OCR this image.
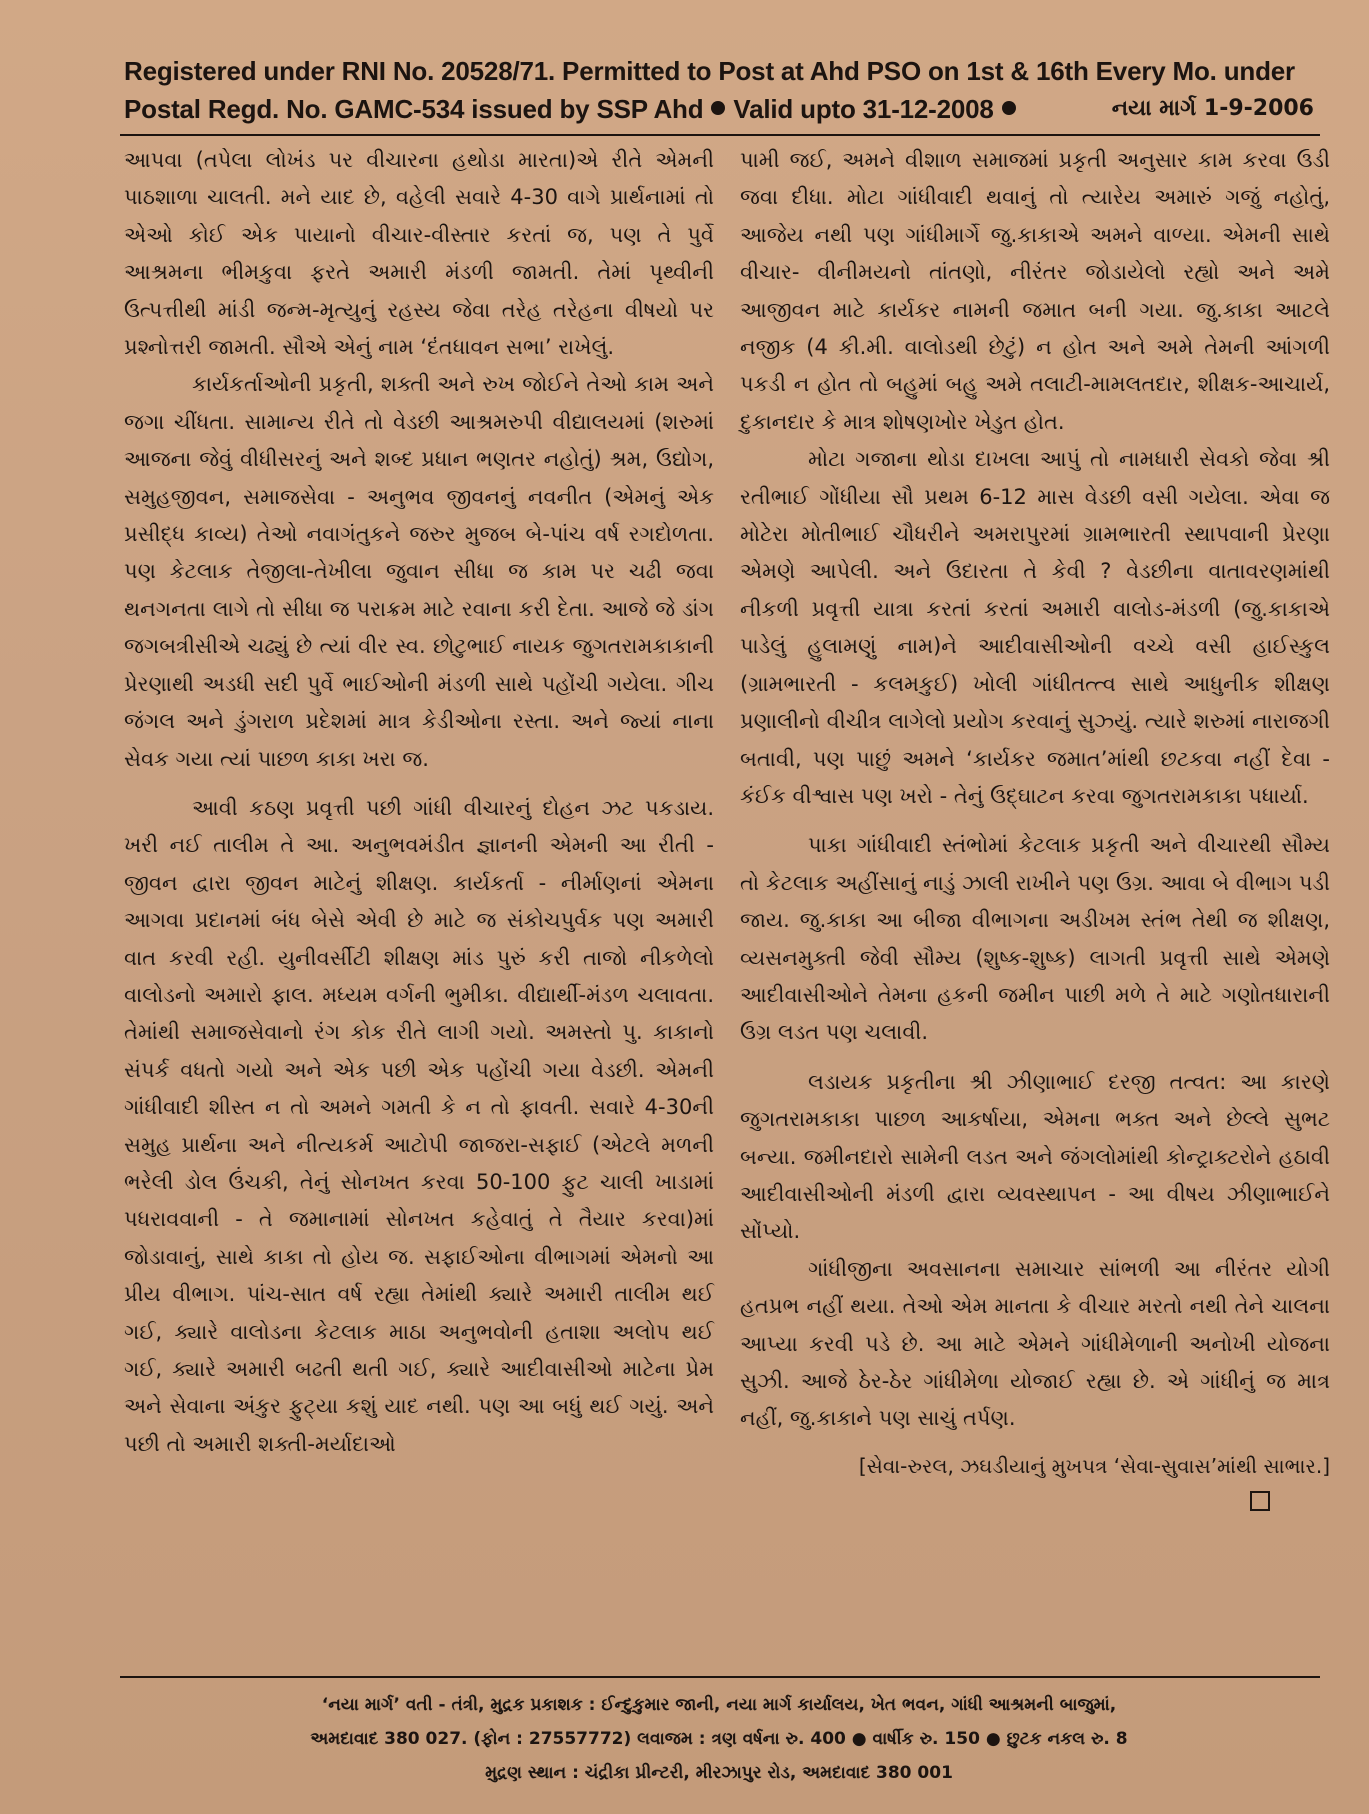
Registered under RNI No. 20528/71. Permitted to Post at Ahd PSO on 1st & 16th Every Mo. under
Postal Regd. No. GAMC-534 issued by SSP Ahd Valid upto 31-12-2008	નયા માર્ગ 1-9-2006

આપવા (તપેલા લોખંડ પર વીચારના હથોડા મારતા)એ રીતે એમની પાઠશાળા ચાલતી. મને યાદ છે, વહેલી સવારે 4-30 વાગે પ્રાર્થનામાં તો એઓ કોઈ એક પાયાનો વીચાર-વીસ્તાર કરતાં જ, પણ તે પુર્વે આશ્રમના ભીમકુવા ફરતે અમારી મંડળી જામતી. તેમાં પૃથ્વીની ઉત્પત્તીથી માંડી જન્મ-મૃત્યુનું રહસ્ય જેવા તરેહ તરેહના વીષયો પર પ્રશ્નોત્તરી જામતી. સૌએ એનું નામ ‘દંતધાવન સભા’ રાખેલું.

કાર્યકર્તાઓની પ્રકૃતી, શક્તી અને રુખ જોઈને તેઓ કામ અને જગા ચીંધતા. સામાન્ય રીતે તો વેડછી આશ્રમરુપી વીદ્યાલયમાં (શરુમાં આજના જેવું વીધીસરનું અને શબ્દ પ્રધાન ભણતર નહોતું) શ્રમ, ઉદ્યોગ, સમુહજીવન, સમાજસેવા - અનુભવ જીવનનું નવનીત (એમનું એક પ્રસીદ્ધ કાવ્ય) તેઓ નવાગંતુકને જરુર મુજબ બે-પાંચ વર્ષ રગદોળતા. પણ કેટલાક તેજીલા-તેખીલા જુવાન સીધા જ કામ પર ચઢી જવા થનગનતા લાગે તો સીધા જ પરાક્રમ માટે રવાના કરી દેતા. આજે જે ડાંગ જગબત્રીસીએ ચઢ્યું છે ત્યાં વીર સ્વ. છોટુભાઈ નાયક જુગતરામકાકાની પ્રેરણાથી અડધી સદી પુર્વે ભાઈઓની મંડળી સાથે પહોંચી ગયેલા. ગીચ જંગલ અને ડુંગરાળ પ્રદેશમાં માત્ર કેડીઓના રસ્તા. અને જ્યાં નાના સેવક ગયા ત્યાં પાછળ કાકા ખરા જ.

આવી કઠણ પ્રવૃત્તી પછી ગાંધી વીચારનું દોહન ઝટ પકડાય. ખરી નઈ તાલીમ તે આ. અનુભવમંડીત જ્ઞાનની એમની આ રીતી - જીવન દ્વારા જીવન માટેનું શીક્ષણ. કાર્યકર્તા - નીર્માણનાં એમના આગવા પ્રદાનમાં બંધ બેસે એવી છે માટે જ સંકોચપુર્વક પણ અમારી વાત કરવી રહી. યુનીવર્સીટી શીક્ષણ માંડ પુરું કરી તાજો નીકળેલો વાલોડનો અમારો ફાલ. મધ્યમ વર્ગની ભુમીકા. વીદ્યાર્થી-મંડળ ચલાવતા. તેમાંથી સમાજસેવાનો રંગ કોક રીતે લાગી ગયો. અમસ્તો પુ. કાકાનો સંપર્ક વધતો ગયો અને એક પછી એક પહોંચી ગયા વેડછી. એમની ગાંધીવાદી શીસ્ત ન તો અમને ગમતી કે ન તો ફાવતી. સવારે 4-30ની સમુહ પ્રાર્થના અને નીત્યકર્મ આટોપી જાજરા-સફાઈ (એટલે મળની ભરેલી ડોલ ઉંચકી, તેનું સોનખત કરવા 50-100 ફુટ ચાલી ખાડામાં પધરાવવાની - તે જમાનામાં સોનખત કહેવાતું તે તૈયાર કરવા)માં જોડાવાનું, સાથે કાકા તો હોય જ. સફાઈઓના વીભાગમાં એમનો આ પ્રીય વીભાગ. પાંચ-સાત વર્ષ રહ્યા તેમાંથી ક્યારે અમારી તાલીમ થઈ ગઈ, ક્યારે વાલોડના કેટલાક માઠા અનુભવોની હતાશા અલોપ થઈ ગઈ, ક્યારે અમારી બઢતી થતી ગઈ, ક્યારે આદીવાસીઓ માટેના પ્રેમ અને સેવાના અંકુર ફુટ્યા કશું યાદ નથી. પણ આ બધું થઈ ગયું. અને પછી તો અમારી શક્તી-મર્યાદાઓ

પામી જઈ, અમને વીશાળ સમાજમાં પ્રકૃતી અનુસાર કામ કરવા ઉડી જવા દીધા. મોટા ગાંધીવાદી થવાનું તો ત્યારેય અમારું ગજું નહોતું, આજેય નથી પણ ગાંધીમાર્ગે જુ.કાકાએ અમને વાળ્યા. એમની સાથે વીચાર- વીનીમયનો તાંતણો, નીરંતર જોડાયેલો રહ્યો અને અમે આજીવન માટે કાર્યકર નામની જમાત બની ગયા. જુ.કાકા આટલે નજીક (4 કી.મી. વાલોડથી છેટું) ન હોત અને અમે તેમની આંગળી પકડી ન હોત તો બહુમાં બહુ અમે તલાટી-મામલતદાર, શીક્ષક-આચાર્ય, દુકાનદાર કે માત્ર શોષણખોર ખેડુત હોત.

મોટા ગજાના થોડા દાખલા આપું તો નામધારી સેવકો જેવા શ્રી રતીભાઈ ગોંધીયા સૌ પ્રથમ 6-12 માસ વેડછી વસી ગયેલા. એવા જ મોટેરા મોતીભાઈ ચૌધરીને અમરાપુરમાં ગ્રામભારતી સ્થાપવાની પ્રેરણા એમણે આપેલી. અને ઉદારતા તે કેવી ? વેડછીના વાતાવરણમાંથી નીકળી પ્રવૃત્તી યાત્રા કરતાં કરતાં અમારી વાલોડ-મંડળી (જુ.કાકાએ પાડેલું હુલામણું નામ)ને આદીવાસીઓની વચ્ચે વસી હાઈસ્કુલ (ગ્રામભારતી - કલમકુઈ) ખોલી ગાંધીતત્ત્વ સાથે આધુનીક શીક્ષણ પ્રણાલીનો વીચીત્ર લાગેલો પ્રયોગ કરવાનું સુઝ્યું. ત્યારે શરુમાં નારાજગી બતાવી, પણ પાછું અમને ‘કાર્યકર જમાત’માંથી છટકવા નહીં દેવા - કંઈક વીશ્વાસ પણ ખરો - તેનું ઉદ્ઘાટન કરવા જુગતરામકાકા પધાર્યા.

પાકા ગાંધીવાદી સ્તંભોમાં કેટલાક પ્રકૃતી અને વીચારથી સૌમ્ય તો કેટલાક અહીંસાનું નાડું ઝાલી રાખીને પણ ઉગ્ર. આવા બે વીભાગ પડી જાય. જુ.કાકા આ બીજા વીભાગના અડીખમ સ્તંભ તેથી જ શીક્ષણ, વ્યસનમુક્તી જેવી સૌમ્ય (શુષ્ક-શુષ્ક) લાગતી પ્રવૃત્તી સાથે એમણે આદીવાસીઓને તેમના હકની જમીન પાછી મળે તે માટે ગણોતધારાની ઉગ્ર લડત પણ ચલાવી.

લડાયક પ્રકૃતીના શ્રી ઝીણાભાઈ દરજી તત્વત: આ કારણે જુગતરામકાકા પાછળ આકર્ષાયા, એમના ભક્ત અને છેલ્લે સુભટ બન્યા. જમીનદારો સામેની લડત અને જંગલોમાંથી કોન્ટ્રાક્ટરોને હઠાવી આદીવાસીઓની મંડળી દ્વારા વ્યવસ્થાપન - આ વીષય ઝીણાભાઈને સોંપ્યો.

ગાંધીજીના અવસાનના સમાચાર સાંભળી આ નીરંતર યોગી હતપ્રભ નહીં થયા. તેઓ એમ માનતા કે વીચાર મરતો નથી તેને ચાલના આપ્યા કરવી પડે છે. આ માટે એમને ગાંધીમેળાની અનોખી યોજના સુઝી. આજે ઠેર-ઠેર ગાંધીમેળા યોજાઈ રહ્યા છે. એ ગાંધીનું જ માત્ર નહીં, જુ.કાકાને પણ સાચું તર્પણ.

[સેવા-રુરલ, ઝઘડીયાનું મુખપત્ર ‘સેવા-સુવાસ’માંથી સાભાર.]
‘નયા માર્ગ’ વતી - તંત્રી, મુદ્રક પ્રકાશક : ઈન્દુકુમાર જાની, નયા માર્ગ કાર્યાલય, ખેત ભવન, ગાંધી આશ્રમની બાજુમાં,
અમદાવાદ 380 027. (ફોન : 27557772) લવાજમ : ત્રણ વર્ષના રુ. 400 ● વાર્ષીક રુ. 150 ● છુટક નકલ રુ. 8
મુદ્રણ સ્થાન : ચંદ્રીકા પ્રીન્ટરી, મીરઝાપુર રોડ, અમદાવાદ 380 001
